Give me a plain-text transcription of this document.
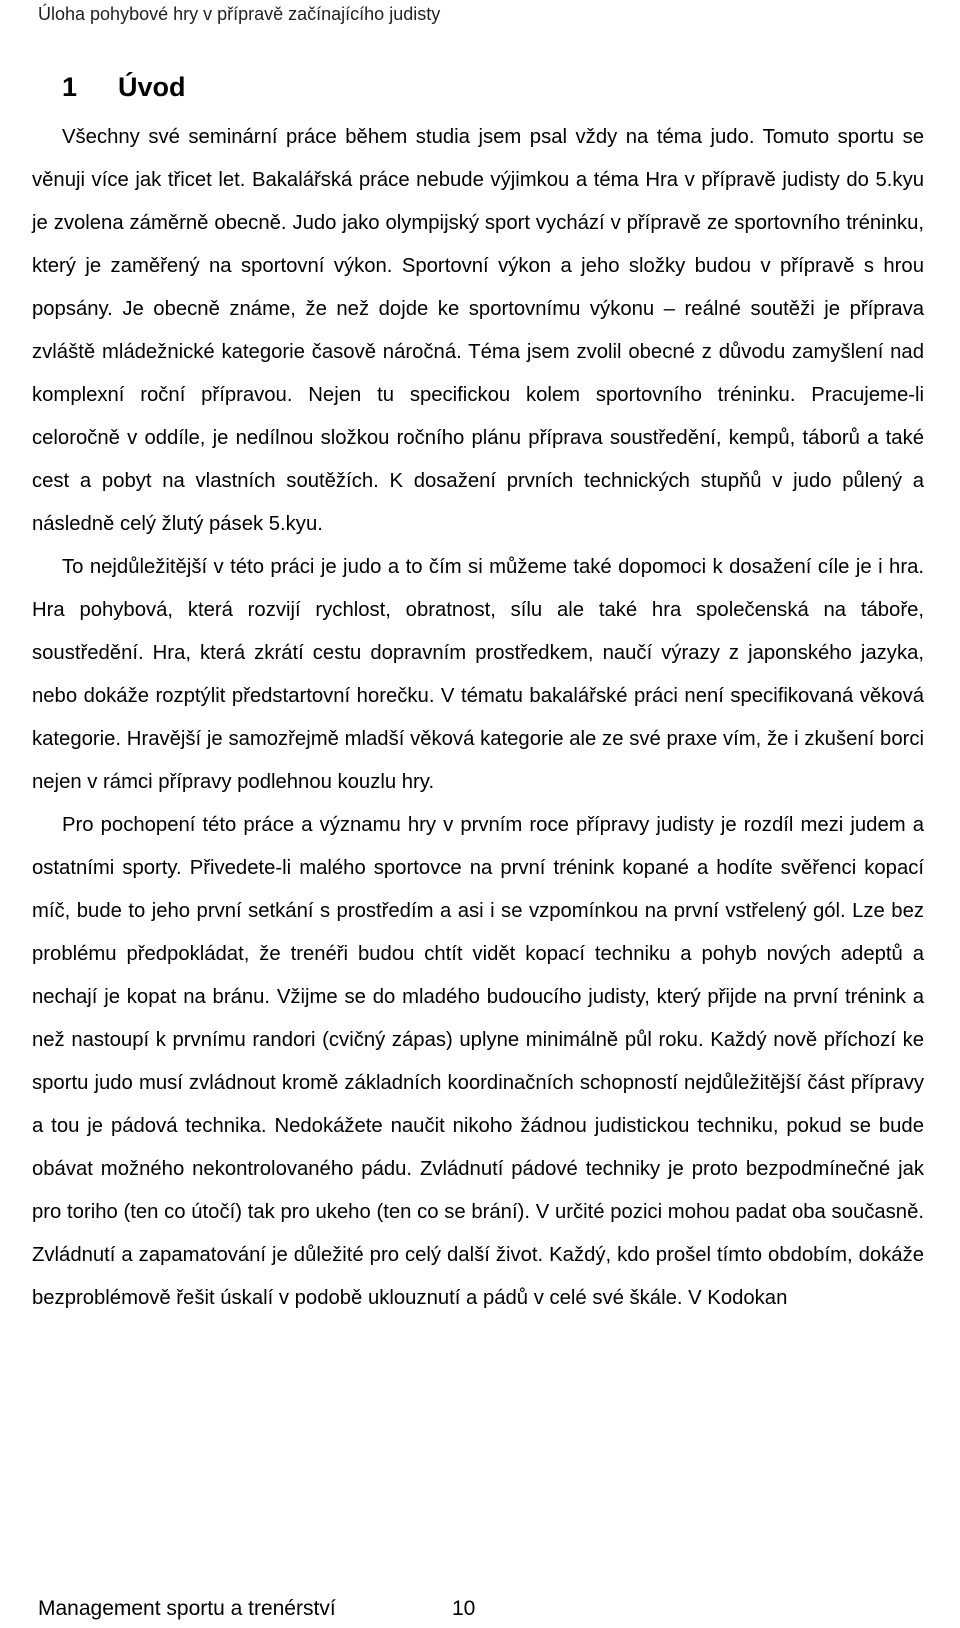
Úloha pohybové hry v přípravě začínajícího judisty
1 Úvod

Všechny své seminární práce během studia jsem psal vždy na téma judo. Tomuto sportu se věnuji více jak třicet let. Bakalářská práce nebude výjimkou a téma Hra v přípravě judisty do 5.kyu je zvolena záměrně obecně. Judo jako olympijský sport vychází v přípravě ze sportovního tréninku, který je zaměřený na sportovní výkon. Sportovní výkon a jeho složky budou v přípravě s hrou popsány. Je obecně známe, že než dojde ke sportovnímu výkonu – reálné soutěži je příprava zvláště mládežnické kategorie časově náročná. Téma jsem zvolil obecné z důvodu zamyšlení nad komplexní roční přípravou. Nejen tu specifickou kolem sportovního tréninku. Pracujeme-li celoročně v oddíle, je nedílnou složkou ročního plánu příprava soustředění, kempů, táborů a také cest a pobyt na vlastních soutěžích. K dosažení prvních technických stupňů v judo půlený a následně celý žlutý pásek 5.kyu.

To nejdůležitější v této práci je judo a to čím si můžeme také dopomoci k dosažení cíle je i hra. Hra pohybová, která rozvijí rychlost, obratnost, sílu ale také hra společenská na táboře, soustředění. Hra, která zkrátí cestu dopravním prostředkem, naučí výrazy z japonského jazyka, nebo dokáže rozptýlit předstartovní horečku. V tématu bakalářské práci není specifikovaná věková kategorie. Hravější je samozřejmě mladší věková kategorie ale ze své praxe vím, že i zkušení borci nejen v rámci přípravy podlehnou kouzlu hry.

Pro pochopení této práce a významu hry v prvním roce přípravy judisty je rozdíl mezi judem a ostatními sporty. Přivedete-li malého sportovce na první trénink kopané a hodíte svěřenci kopací míč, bude to jeho první setkání s prostředím a asi i se vzpomínkou na první vstřelený gól. Lze bez problému předpokládat, že trenéři budou chtít vidět kopací techniku a pohyb nových adeptů a nechají je kopat na bránu. Vžijme se do mladého budoucího judisty, který přijde na první trénink a než nastoupí k prvnímu randori (cvičný zápas) uplyne minimálně půl roku. Každý nově příchozí ke sportu judo musí zvládnout kromě základních koordinačních schopností nejdůležitější část přípravy a tou je pádová technika. Nedokážete naučit nikoho žádnou judistickou techniku, pokud se bude obávat možného nekontrolovaného pádu. Zvládnutí pádové techniky je proto bezpodmínečné jak pro toriho (ten co útočí) tak pro ukeho (ten co se brání). V určité pozici mohou padat oba současně. Zvládnutí a zapamatování je důležité pro celý další život. Každý, kdo prošel tímto obdobím, dokáže bezproblémově řešit úskalí v podobě uklouznutí a pádů v celé své škále. V Kodokan

Management sportu a trenérství	10
